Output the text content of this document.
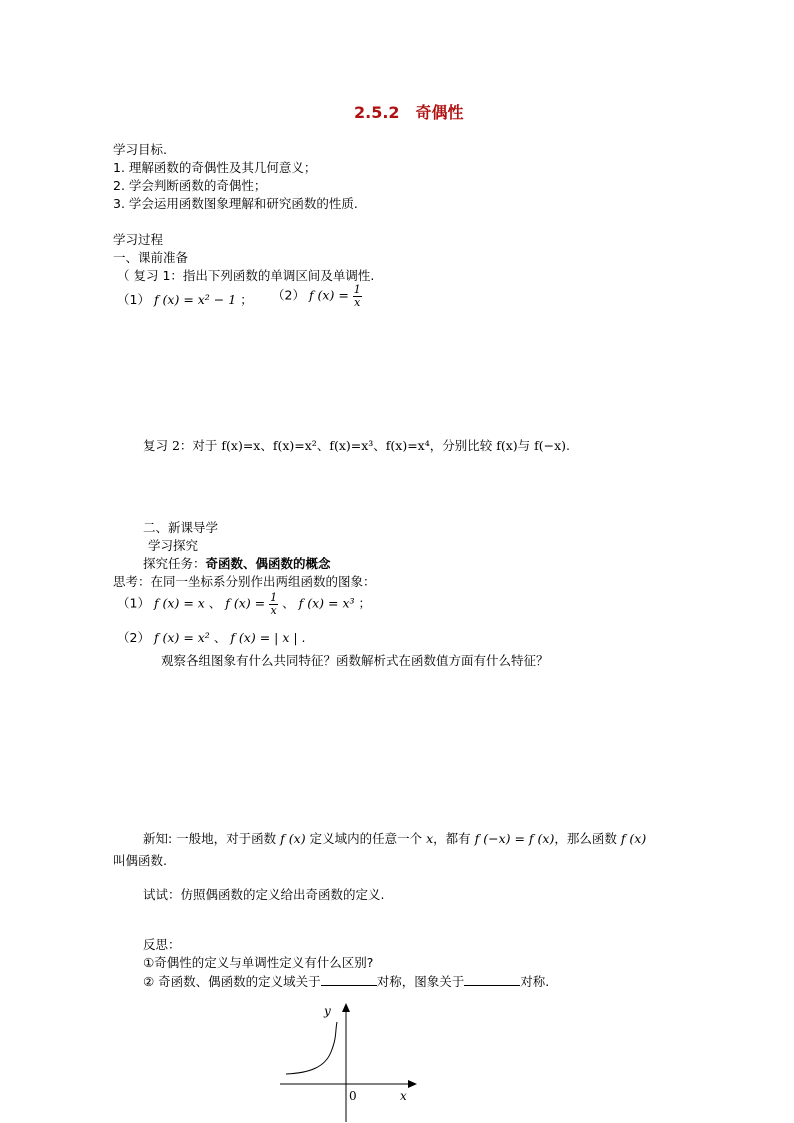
2.5.2　奇偶性
学习目标.
1. 理解函数的奇偶性及其几何意义；
2. 学会判断函数的奇偶性；
3. 学会运用函数图象理解和研究函数的性质.
学习过程
一、课前准备
（ 复习 1：指出下列函数的单调区间及单调性.
（1） f (x) = x² − 1 ； （2） f $(x) = \frac{1}{x}$
复习 2：对于 f(x)=x、f(x)=x²、f(x)=x³、f(x)=x⁴，分别比较 f(x)与 f(−x).
二、新课导学
学习探究
探究任务：奇函数、偶函数的概念
思考：在同一坐标系分别作出两组函数的图象：
（1） f (x) = x 、 f $(x) = \frac{1}{x}$ 、 f (x) = x³ ；
（2） f (x) = x² 、 f (x) = | x | .
观察各组图象有什么共同特征？函数解析式在函数值方面有什么特征？
新知: 一般地，对于函数 f (x) 定义域内的任意一个 x，都有 f (−x) = f (x)，那么函数 f (x)
叫偶函数.
试试：仿照偶函数的定义给出奇函数的定义.
反思：
①奇偶性的定义与单调性定义有什么区别?
② 奇函数、偶函数的定义域关于	对称，图象关于	对称.
y
x
0
